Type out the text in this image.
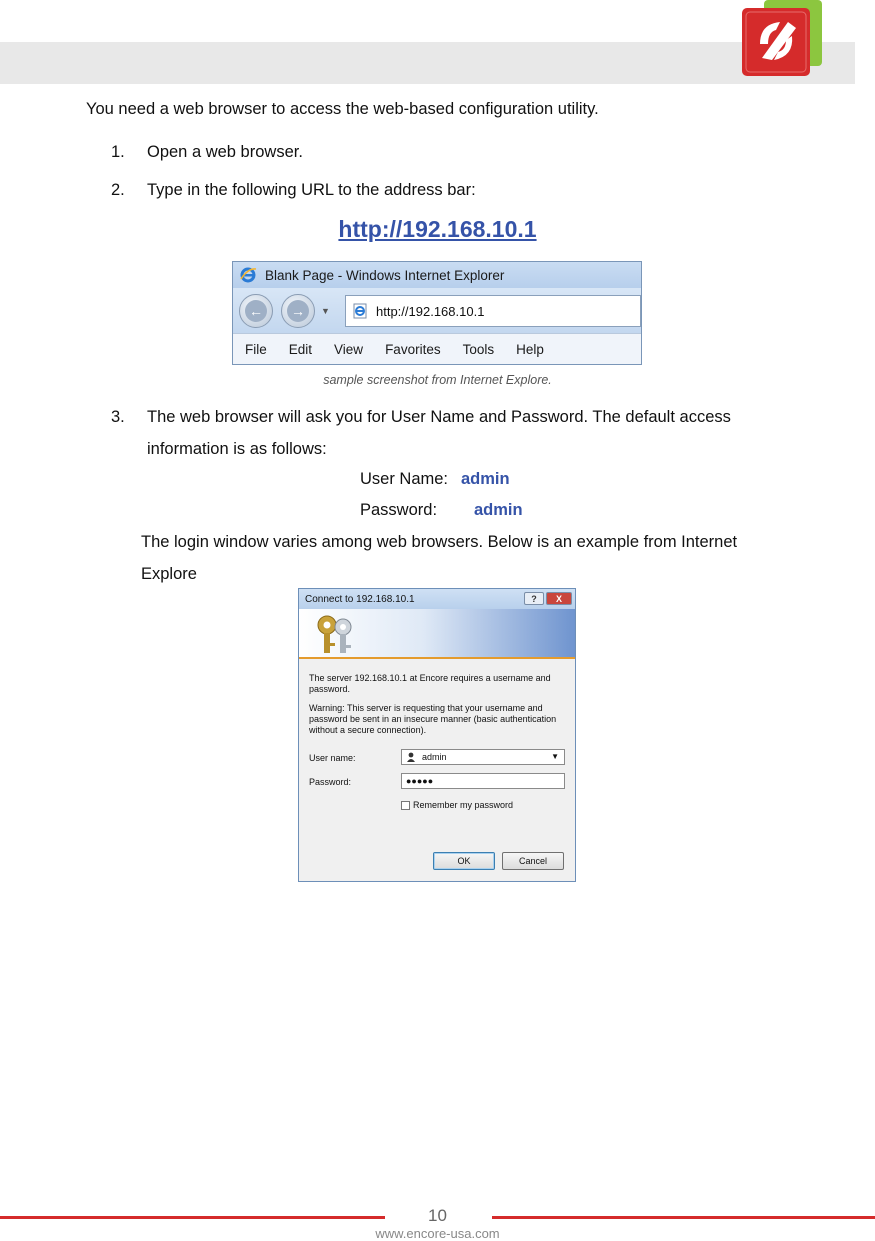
You need a web browser to access the web-based configuration utility.
1. Open a web browser.
2. Type in the following URL to the address bar:
http://192.168.10.1
Blank Page - Windows Internet Explorer
← →	▼	http://192.168.10.1
File Edit View Favorites Tools Help
sample screenshot from Internet Explore.
3. The web browser will ask you for User Name and Password. The default access
information is as follows:
User Name: admin
Password: admin
The login window varies among web browsers. Below is an example from Internet
Explore
Connect to 192.168.10.1	?	X
The server 192.168.10.1 at Encore requires a username and
password.
Warning: This server is requesting that your username and
password be sent in an insecure manner (basic authentication
without a secure connection).
User name:	admin	▼
Password:	●●●●●
Remember my password
OK	Cancel
10
www.encore-usa.com
